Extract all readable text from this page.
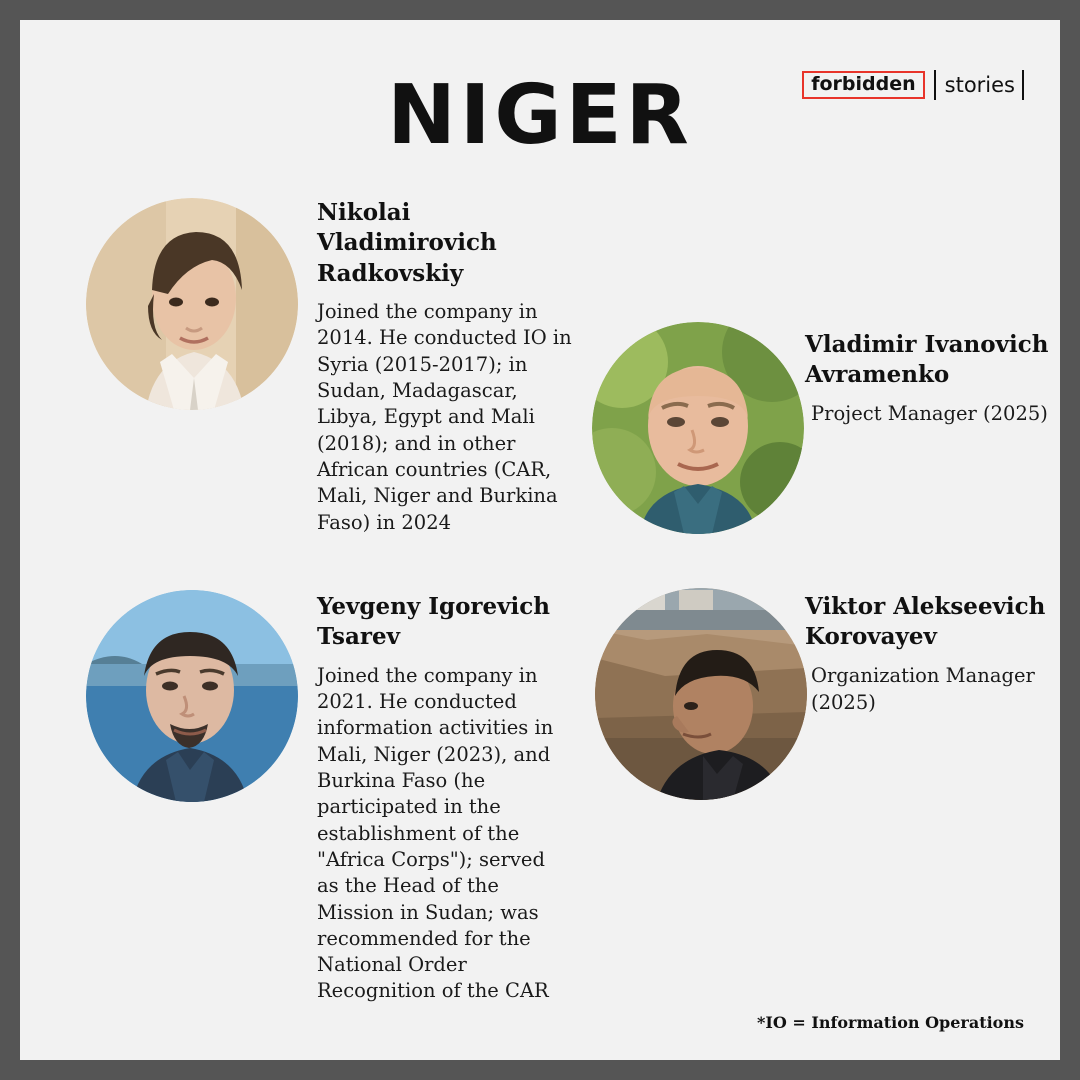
NIGER	forbidden	stories

Nikolai Vladimirovich Radkovskiy

Joined the company in 2014. He conducted IO in Syria (2015-2017); in Sudan, Madagascar, Libya, Egypt and Mali (2018); and in other African countries (CAR, Mali, Niger and Burkina Faso) in 2024

Vladimir Ivanovich Avramenko

Project Manager (2025)

Yevgeny Igorevich Tsarev

Joined the company in 2021. He conducted information activities in Mali, Niger (2023), and Burkina Faso (he participated in the establishment of the "Africa Corps"); served as the Head of the Mission in Sudan; was recommended for the National Order Recognition of the CAR

Viktor Alekseevich Korovayev

Organization Manager (2025)

*IO = Information Operations
